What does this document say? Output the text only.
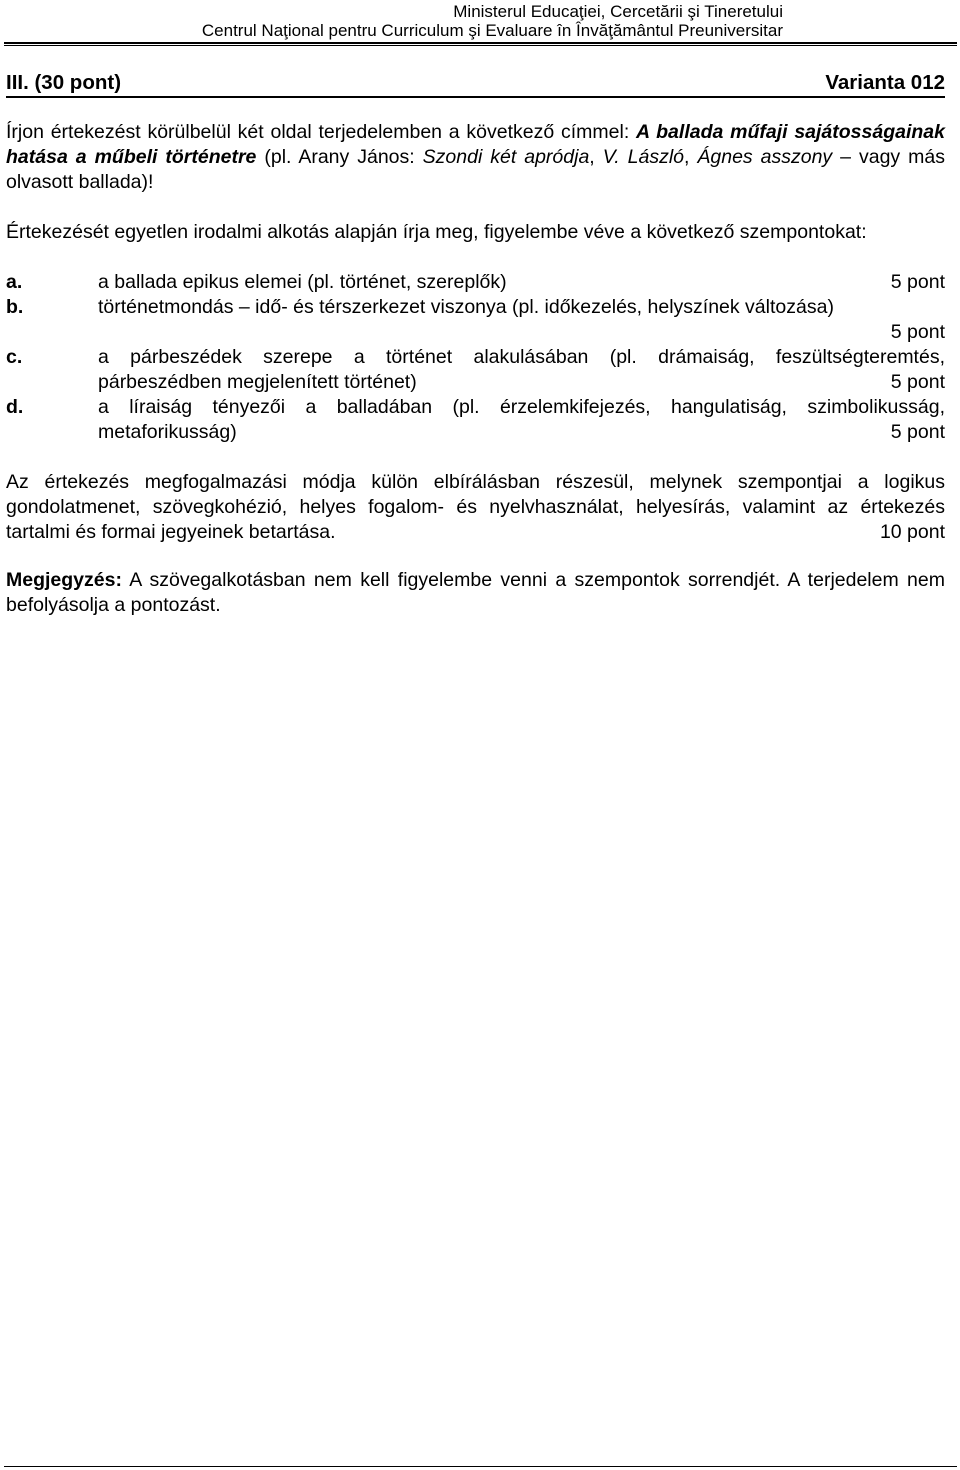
Ministerul Educaţiei, Cercetării şi Tineretului
Centrul Naţional pentru Curriculum şi Evaluare în Învăţământul Preuniversitar
III. (30 pont)	Varianta 012
Írjon értekezést körülbelül két oldal terjedelemben a következő címmel: A ballada műfaji sajátosságainak hatása a műbeli történetre (pl. Arany János: Szondi két apródja, V. László, Ágnes asszony – vagy más olvasott ballada)!
Értekezését egyetlen irodalmi alkotás alapján írja meg, figyelembe véve a következő szempontokat:
a.	a ballada epikus elemei (pl. történet, szereplők)	5 pont
b.	történetmondás – idő- és térszerkezet viszonya (pl. időkezelés, helyszínek változása)
5 pont
c.	a párbeszédek szerepe a történet alakulásában (pl. drámaiság, feszültségteremtés, párbeszédben megjelenített történet)	5 pont
d.	a líraiság tényezői a balladában (pl. érzelemkifejezés, hangulatiság, szimbolikusság, metaforikusság)	5 pont
Az értekezés megfogalmazási módja külön elbírálásban részesül, melynek szempontjai a logikus gondolatmenet, szövegkohézió, helyes fogalom- és nyelvhasználat, helyesírás, valamint az értekezés tartalmi és formai jegyeinek betartása.	10 pont
Megjegyzés: A szövegalkotásban nem kell figyelembe venni a szempontok sorrendjét. A terjedelem nem befolyásolja a pontozást.
